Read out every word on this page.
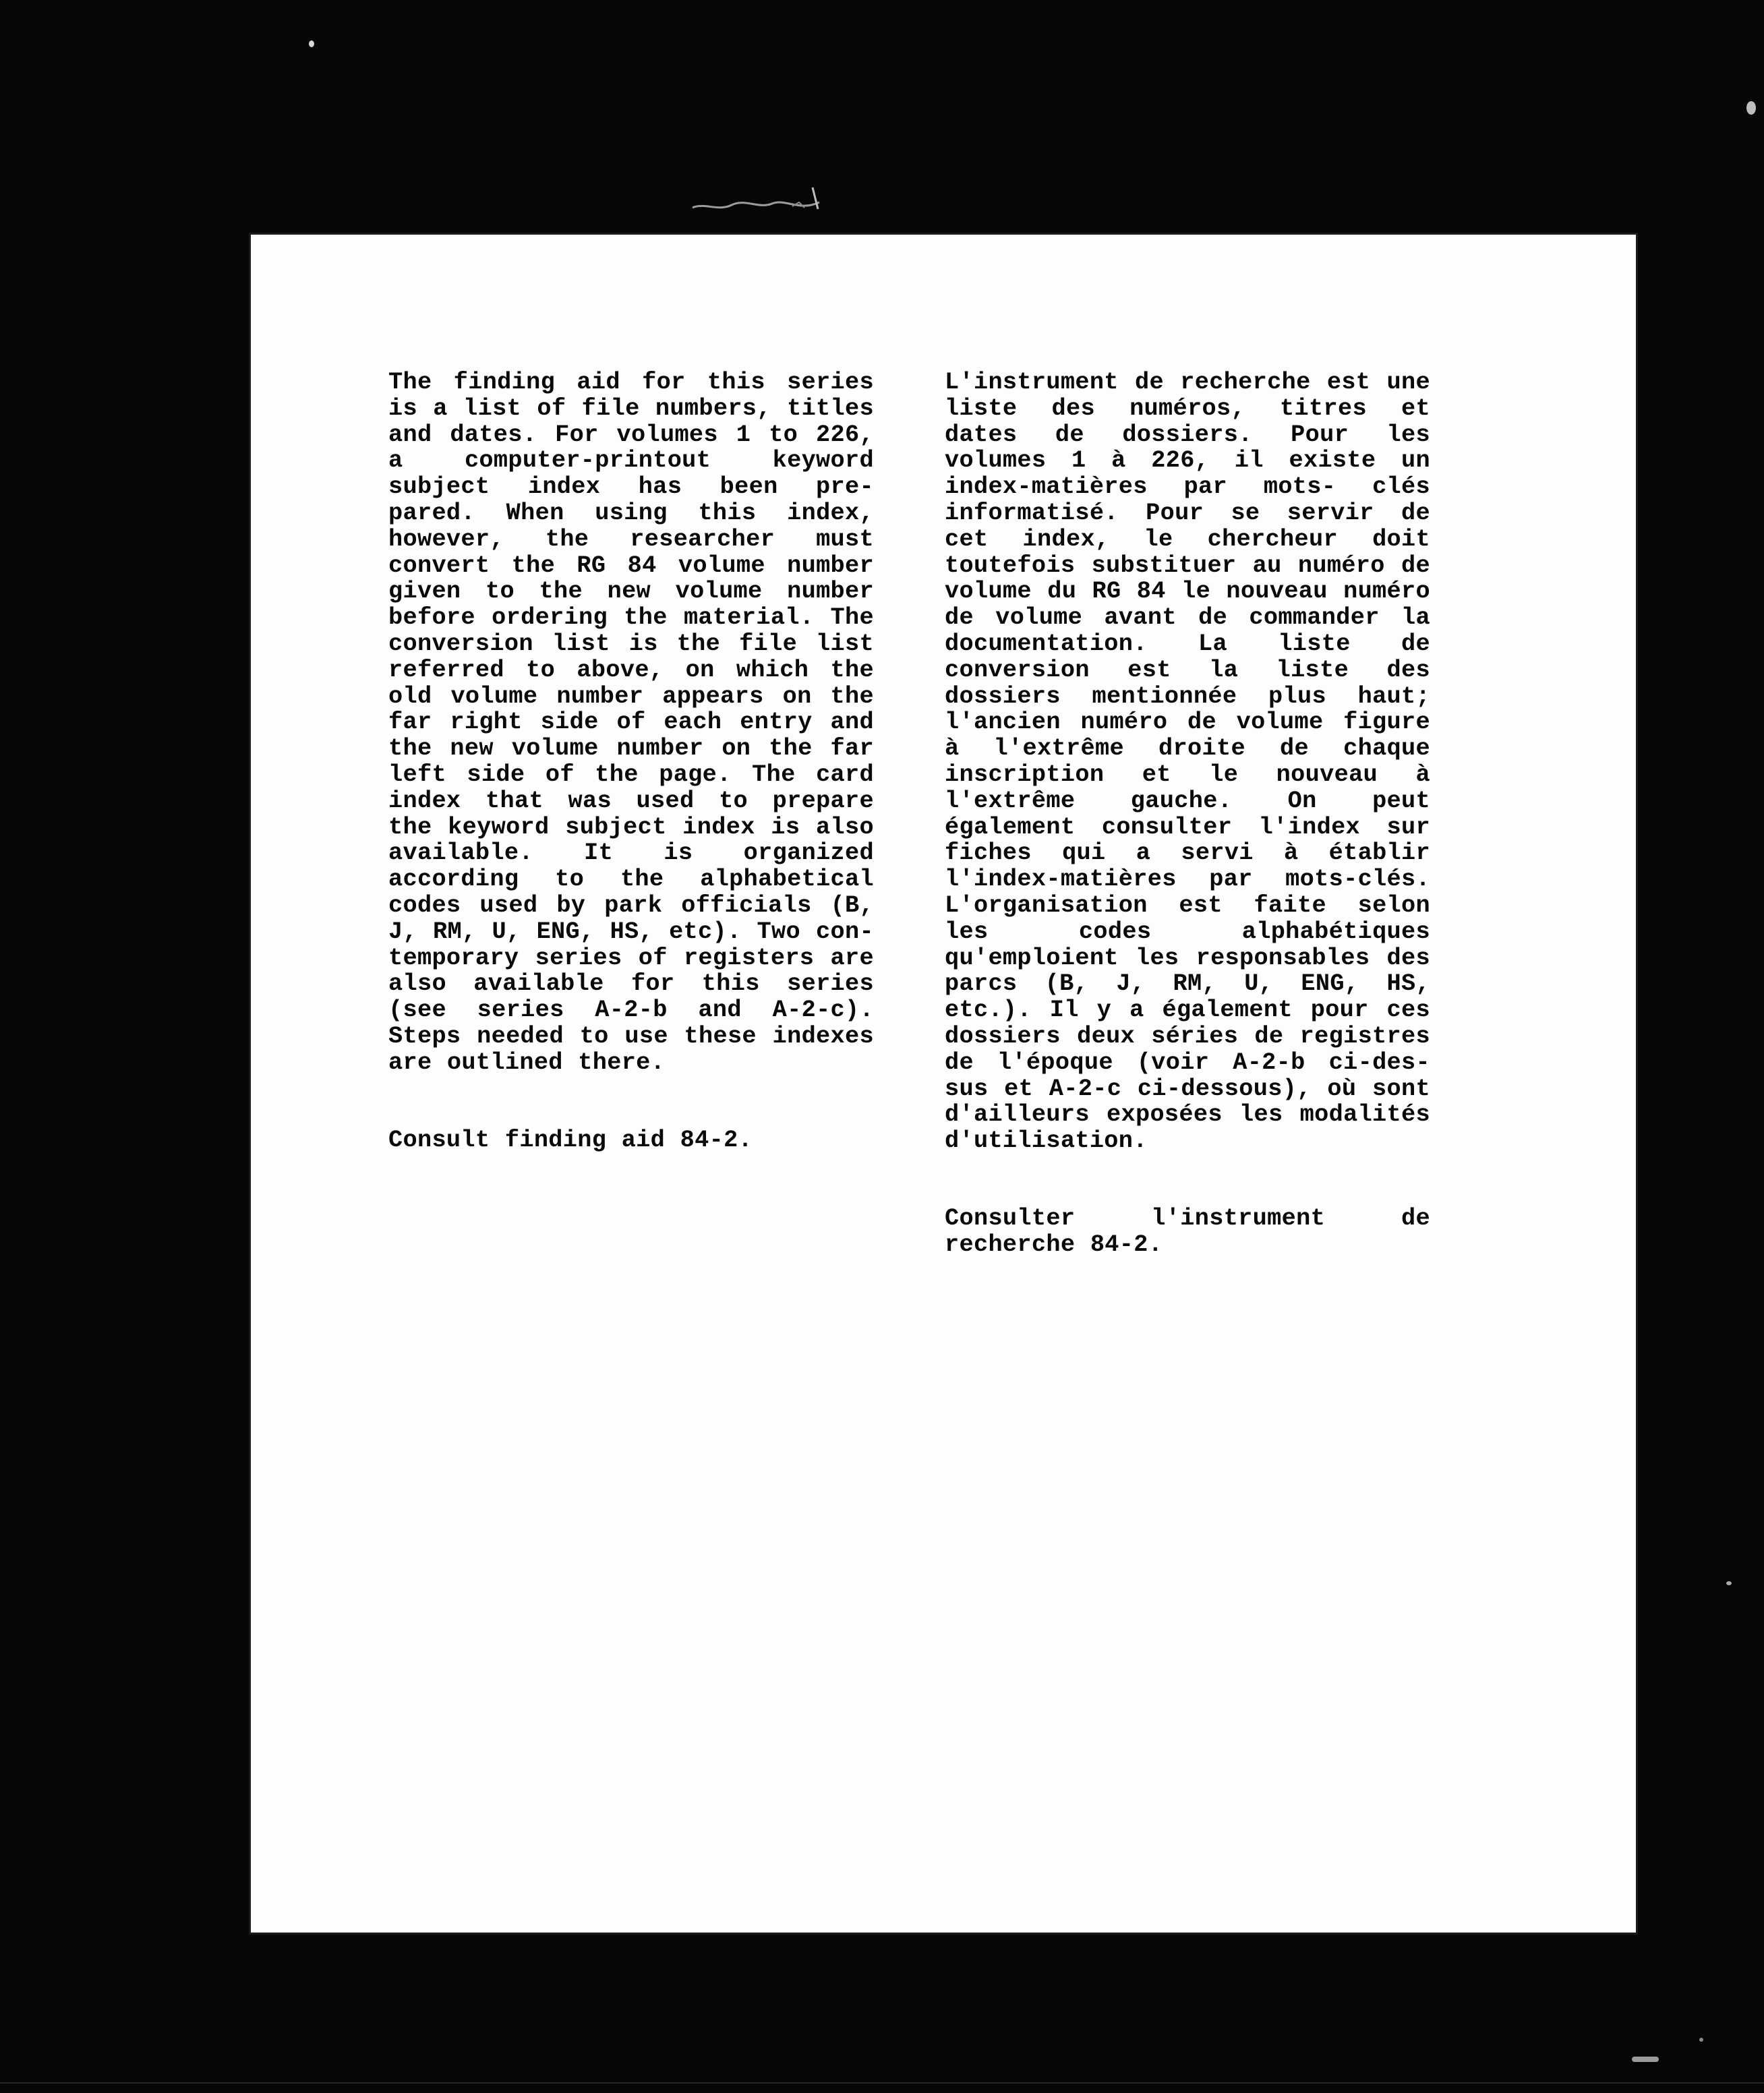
The finding aid for this series is a list of file numbers, titles and dates. For volumes 1 to 226, a computer-printout keyword subject index has been pre- pared. When using this index, however, the researcher must convert the RG 84 volume number given to the new volume number before ordering the material. The conversion list is the file list referred to above, on which the old volume number appears on the far right side of each entry and the new volume number on the far left side of the page. The card index that was used to prepare the keyword subject index is also available. It is organized according to the alphabetical codes used by park officials (B, J, RM, U, ENG, HS, etc). Two con- temporary series of registers are also available for this series (see series A-2-b and A-2-c). Steps needed to use these indexes are outlined there.

Consult finding aid 84-2.

L'instrument de recherche est une liste des numéros, titres et dates de dossiers. Pour les volumes 1 à 226, il existe un index-matières par mots- clés informatisé. Pour se servir de cet index, le chercheur doit toutefois substituer au numéro de volume du RG 84 le nouveau numéro de volume avant de commander la documentation. La liste de conversion est la liste des dossiers mentionnée plus haut; l'ancien numéro de volume figure à l'extrême droite de chaque inscription et le nouveau à l'extrême gauche. On peut également consulter l'index sur fiches qui a servi à établir l'index-matières par mots-clés. L'organisation est faite selon les codes alphabétiques qu'emploient les responsables des parcs (B, J, RM, U, ENG, HS, etc.). Il y a également pour ces dossiers deux séries de registres de l'époque (voir A-2-b ci-des- sus et A-2-c ci-dessous), où sont d'ailleurs exposées les modalités d'utilisation.

Consulter l'instrument de recherche 84-2.
